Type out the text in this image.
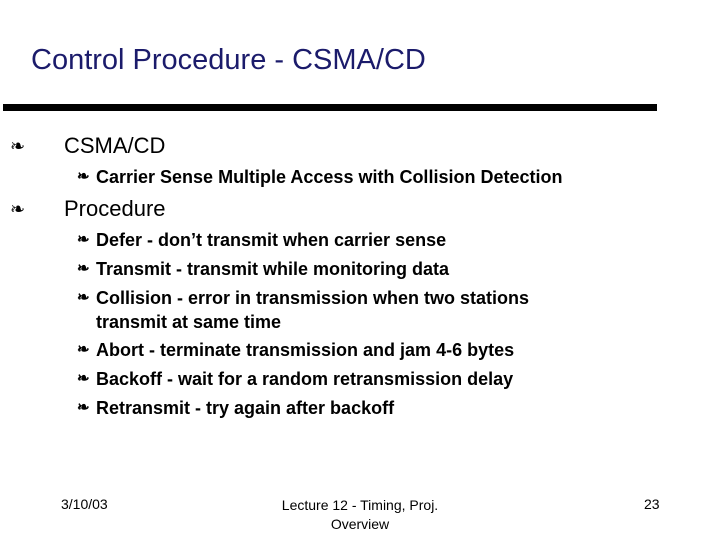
Control Procedure - CSMA/CD
❧ CSMA/CD
❧ Carrier Sense Multiple Access with Collision Detection
❧ Procedure
❧ Defer - don’t transmit when carrier sense
❧ Transmit - transmit while monitoring data
❧ Collision - error in transmission when two stations
transmit at same time
❧ Abort - terminate transmission and jam 4-6 bytes
❧ Backoff - wait for a random retransmission delay
❧ Retransmit - try again after backoff
3/10/03	Lecture 12 - Timing, Proj.
Overview
23
